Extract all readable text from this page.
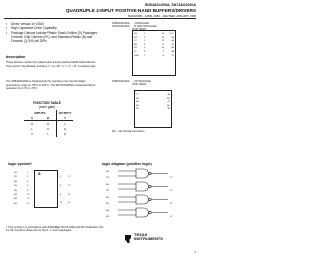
SN54AS1000A, SN74AS1000A
QUADRUPLE 2-INPUT POSITIVE-NAND BUFFERS/DRIVERS
SDAS030B – APRIL 1982 – REVISED JANUARY 1995
▪ Driver Version of ’AS00
▪ High Capacitive-Drive Capability
▪ Package Options Include Plastic Small-Outline (D) Packages, Ceramic Chip Carriers (FK), and Standard Plastic (N) and Ceramic (J) 300-mil DIPs
description

These devices contain four independent 2-input positive-NAND buffers/drivers. They perform the Boolean functions Y = (A • B)‾ or Y = A‾ + B‾ in positive logic.

The SN54AS1000A is characterized for operation over the full military temperature range of –55°C to 125°C. The SN74AS1000A is characterized for operation from 0°C to 70°C.

FUNCTION TABLE
(each gate)
INPUTS		OUTPUT
A	B	Y
H	H	L
L	X	H
X	L	H
SN54AS1000A . . . J PACKAGE
SN74AS1000A . . . D OR N PACKAGE
(TOP VIEW)
1A
1B
1Y
2A
2B
2Y
GND
1
2
3
4
5
6
7
14
13
12
11
10
9
8
VCC
4B
4A
4Y
3B
3A
3Y
SN54AS1000A . . . FK PACKAGE
(TOP VIEW)
1Y
NC
2A
NC
2B
4A
NC
4Y
NC
3B
NC – No internal connection
logic symbol†
&
1A
1B
2A
2B
3A
3B
4A
4B
1
2
4
5
9
10
12
13
3
6
8
11
1Y
2Y
3Y
4Y
logic diagram (positive logic)
1A
1B
2A
2B
3A
3B
4A
4B
1Y
2Y
3Y
4Y
† This symbol is in accordance with ANSI/IEEE Std 91-1984 and IEC Publication 617-12. Pin numbers shown are for the D, J, and N packages.
TEXAS
INSTRUMENTS
1
